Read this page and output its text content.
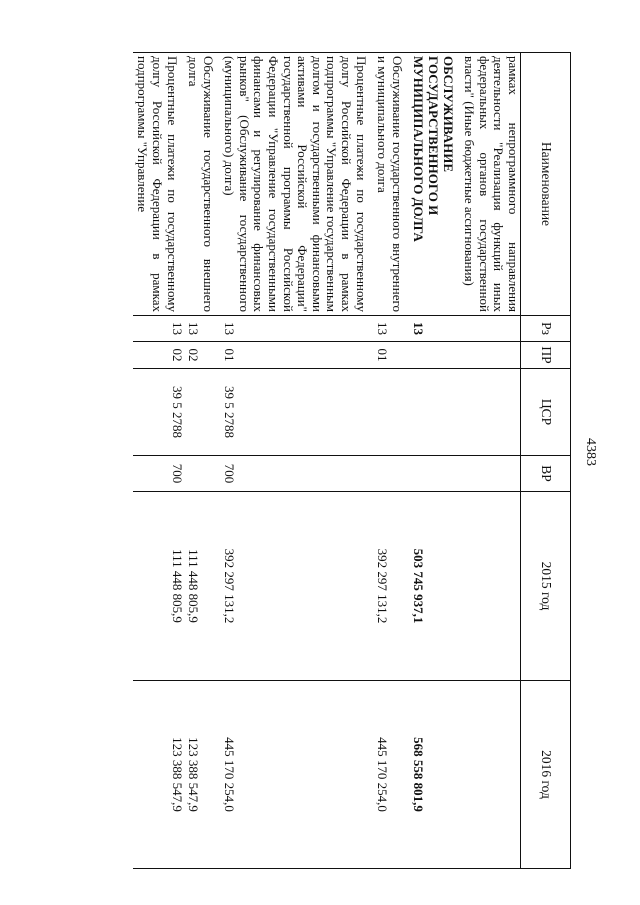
4383
Наименование	Рз	ПР	ЦСР	ВР	2015 год	2016 год
рамках непрограммного направления деятельности "Реализация функций иных федеральных органов государственной власти" (Иные бюджетные ассигнования)						
ОБСЛУЖИВАНИЕ ГОСУДАРСТВЕННОГО И МУНИЦИПАЛЬНОГО ДОЛГА	13				503 745 937,1	568 558 801,9
Обслуживание государственного внутреннего и муниципального долга	13	01			392 297 131,2	445 170 254,0
Процентные платежи по государственному долгу Российской Федерации в рамках подпрограммы "Управление государственным долгом и государственными финансовыми активами Российской Федерации" государственной программы Российской Федерации "Управление государственными финансами и регулирование финансовых рынков" (Обслуживание государственного (муниципального) долга)	13	01	39 5 2788	700	392 297 131,2	445 170 254,0
Обслуживание государственного внешнего долга	13	02			111 448 805,9	123 388 547,9
Процентные платежи по государственному долгу Российской Федерации в рамках подпрограммы "Управление	13	02	39 5 2788	700	111 448 805,9	123 388 547,9
